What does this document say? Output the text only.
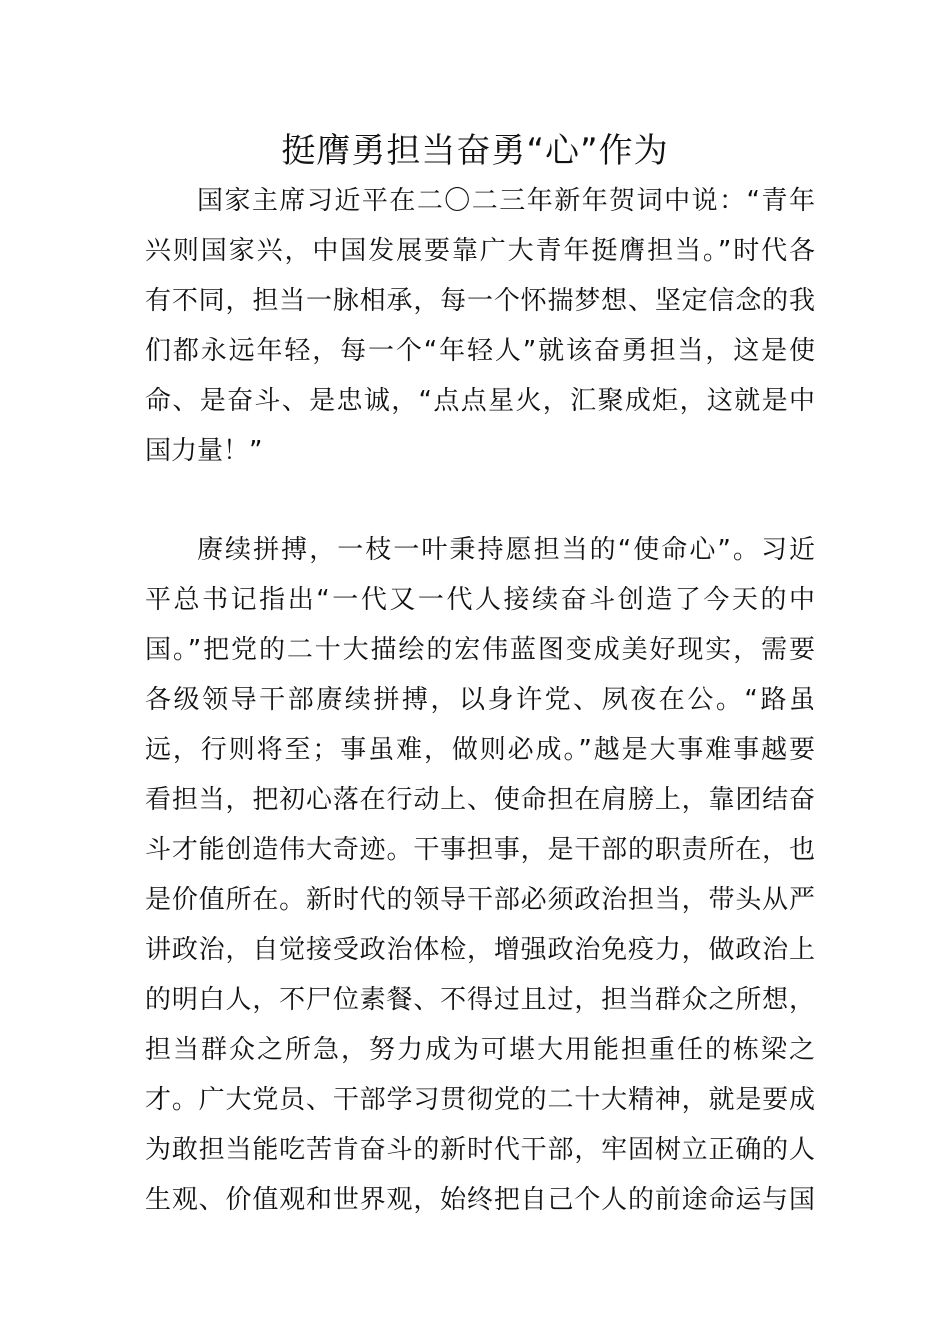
挺膺勇担当奋勇“心”作为
国家主席习近平在二〇二三年新年贺词中说：“青年
兴则国家兴，中国发展要靠广大青年挺膺担当。”时代各
有不同，担当一脉相承，每一个怀揣梦想、坚定信念的我
们都永远年轻，每一个“年轻人”就该奋勇担当，这是使
命、是奋斗、是忠诚，“点点星火，汇聚成炬，这就是中
国力量！”
赓续拼搏，一枝一叶秉持愿担当的“使命心”。习近
平总书记指出“一代又一代人接续奋斗创造了今天的中
国。”把党的二十大描绘的宏伟蓝图变成美好现实，需要
各级领导干部赓续拼搏，以身许党、夙夜在公。“路虽
远，行则将至；事虽难，做则必成。”越是大事难事越要
看担当，把初心落在行动上、使命担在肩膀上，靠团结奋
斗才能创造伟大奇迹。干事担事，是干部的职责所在，也
是价值所在。新时代的领导干部必须政治担当，带头从严
讲政治，自觉接受政治体检，增强政治免疫力，做政治上
的明白人，不尸位素餐、不得过且过，担当群众之所想，
担当群众之所急，努力成为可堪大用能担重任的栋梁之
才。广大党员、干部学习贯彻党的二十大精神，就是要成
为敢担当能吃苦肯奋斗的新时代干部，牢固树立正确的人
生观、价值观和世界观，始终把自己个人的前途命运与国
